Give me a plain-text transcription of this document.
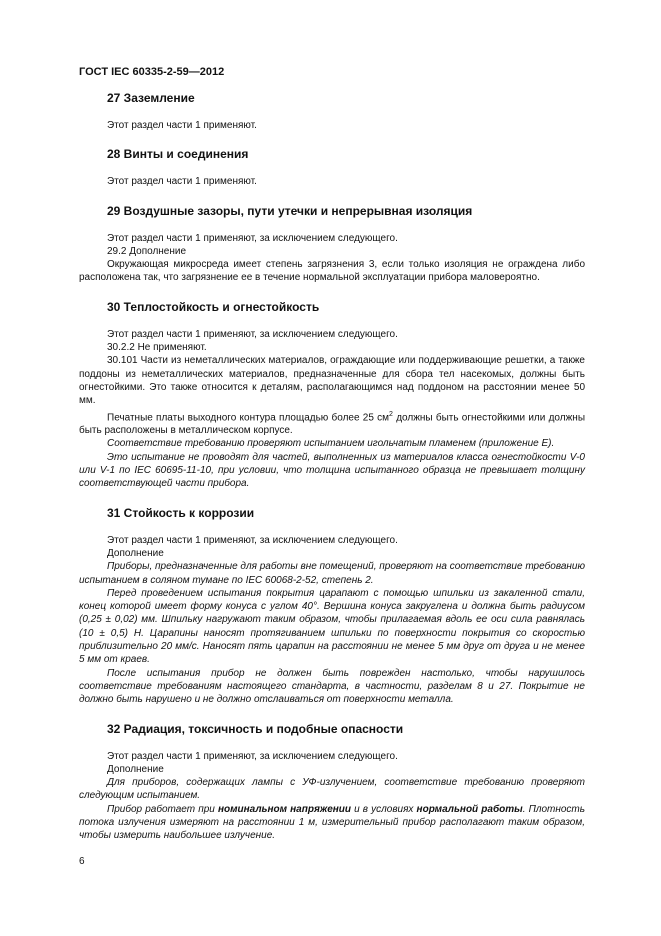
ГОСТ IEC 60335-2-59—2012
27 Заземление

Этот раздел части 1 применяют.

28 Винты и соединения

Этот раздел части 1 применяют.

29 Воздушные зазоры, пути утечки и непрерывная изоляция

Этот раздел части 1 применяют, за исключением следующего.

29.2 Дополнение

Окружающая микросреда имеет степень загрязнения 3, если только изоляция не ограждена либо расположена так, что загрязнение ее в течение нормальной эксплуатации прибора маловероятно.

30 Теплостойкость и огнестойкость

Этот раздел части 1 применяют, за исключением следующего.

30.2.2 Не применяют.

30.101 Части из неметаллических материалов, ограждающие или поддерживающие решетки, а также поддоны из неметаллических материалов, предназначенные для сбора тел насекомых, должны быть огнестойкими. Это также относится к деталям, располагающимся над поддоном на расстоянии менее 50 мм.

Печатные платы выходного контура площадью более 25 $см^2$ должны быть огнестойкими или должны быть расположены в металлическом корпусе.

Соответствие требованию проверяют испытанием игольчатым пламенем (приложение Е).

Это испытание не проводят для частей, выполненных из материалов класса огнестойкости V-0 или V-1 по IEC 60695-11-10, при условии, что толщина испытанного образца не превышает толщину соответствующей части прибора.

31 Стойкость к коррозии

Этот раздел части 1 применяют, за исключением следующего.

Дополнение

Приборы, предназначенные для работы вне помещений, проверяют на соответствие требованию испытанием в соляном тумане по IEC 60068-2-52, степень 2.

Перед проведением испытания покрытия царапают с помощью шпильки из закаленной стали, конец которой имеет форму конуса с углом 40°. Вершина конуса закруглена и должна быть радиусом (0,25 ± 0,02) мм. Шпильку нагружают таким образом, чтобы прилагаемая вдоль ее оси сила равнялась (10 ± 0,5) Н. Царапины наносят протягиванием шпильки по поверхности покрытия со скоростью приблизительно 20 мм/с. Наносят пять царапин на расстоянии не менее 5 мм друг от друга и не менее 5 мм от краев.

После испытания прибор не должен быть поврежден настолько, чтобы нарушилось соответствие требованиям настоящего стандарта, в частности, разделам 8 и 27. Покрытие не должно быть нарушено и не должно отслаиваться от поверхности металла.

32 Радиация, токсичность и подобные опасности

Этот раздел части 1 применяют, за исключением следующего.

Дополнение

Для приборов, содержащих лампы с УФ-излучением, соответствие требованию проверяют следующим испытанием.

Прибор работает при номинальном напряжении и в условиях нормальной работы. Плотность потока излучения измеряют на расстоянии 1 м, измерительный прибор располагают таким образом, чтобы измерить наибольшее излучение.

6
